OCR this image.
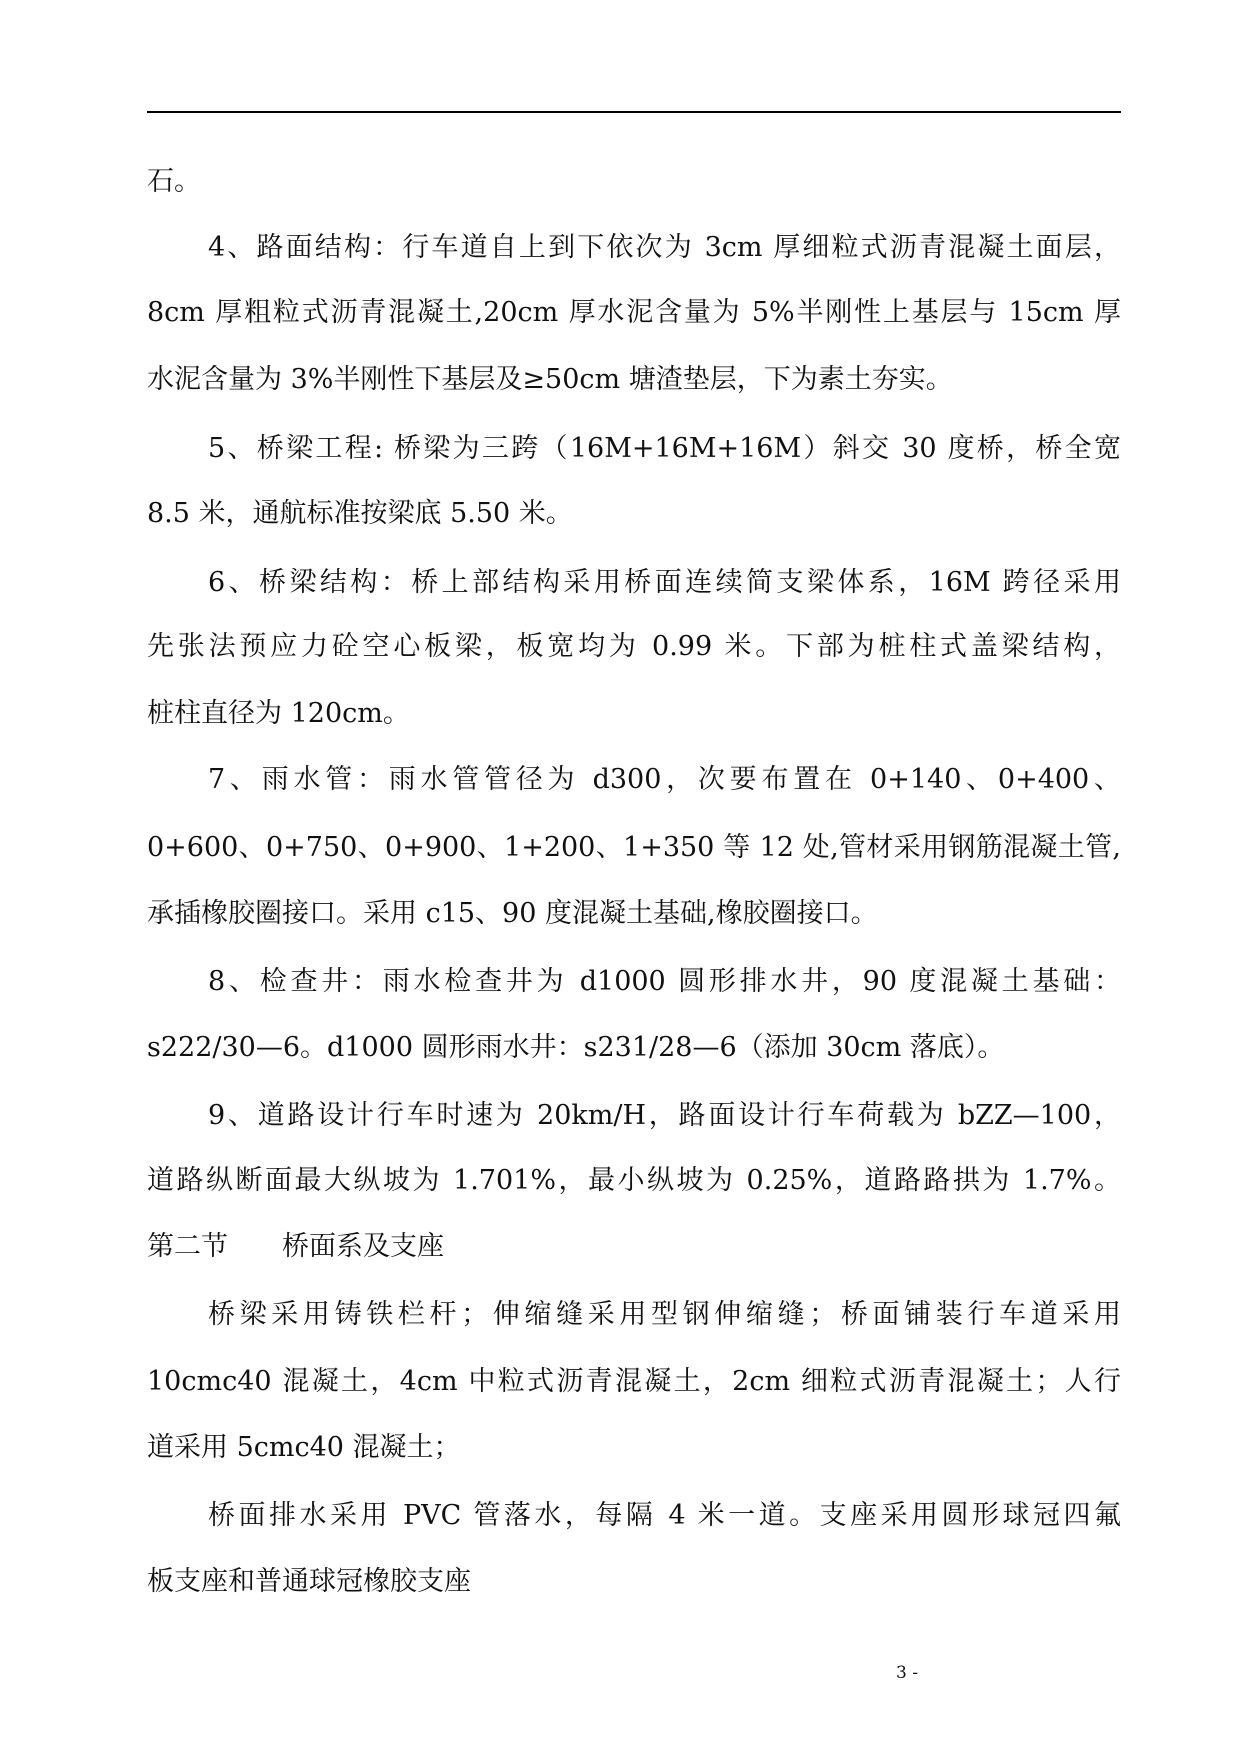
石。
4、路面结构：行车道自上到下依次为 3cm 厚细粒式沥青混凝土面层，
8cm 厚粗粒式沥青混凝土,20cm 厚水泥含量为 5%半刚性上基层与 15cm 厚
水泥含量为 3%半刚性下基层及≥50cm 塘渣垫层，下为素土夯实。
5、桥梁工程: 桥梁为三跨（16M+16M+16M）斜交 30 度桥，桥全宽
8.5 米，通航标准按梁底 5.50 米。
6、桥梁结构：桥上部结构采用桥面连续简支梁体系，16M 跨径采用
先张法预应力砼空心板梁，板宽均为 0.99 米。下部为桩柱式盖梁结构，
桩柱直径为 120cm。
7、雨水管：雨水管管径为 d300，次要布置在 0+140、0+400、
0+600、0+750、0+900、1+200、1+350 等 12 处,管材采用钢筋混凝土管,
承插橡胶圈接口。采用 c15、90 度混凝土基础,橡胶圈接口。
8、检查井：雨水检查井为 d1000 圆形排水井，90 度混凝土基础：
s222/30—6。d1000 圆形雨水井：s231/28—6（添加 30cm 落底）。
9、道路设计行车时速为 20km/H，路面设计行车荷载为 bZZ—100，
道路纵断面最大纵坡为 1.701%，最小纵坡为 0.25%，道路路拱为 1.7%。
第二节 桥面系及支座
桥梁采用铸铁栏杆；伸缩缝采用型钢伸缩缝；桥面铺装行车道采用
10cmc40 混凝土，4cm 中粒式沥青混凝土，2cm 细粒式沥青混凝土；人行
道采用 5cmc40 混凝土；
桥面排水采用 PVC 管落水，每隔 4 米一道。支座采用圆形球冠四氟
板支座和普通球冠橡胶支座
3 -
